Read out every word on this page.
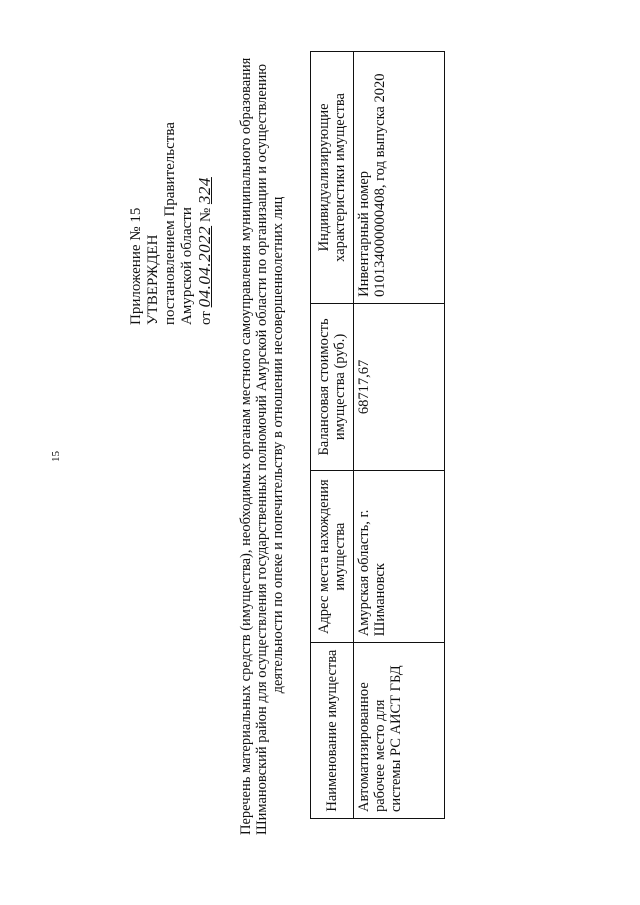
15
Приложение № 15 УТВЕРЖДЕН постановлением Правительства Амурской области от 04.04.2022 № 324 Перечень материальных средств (имущества), необходимых органам местного самоуправления муниципального образования Шимановский район для осуществления государственных полномочий Амурской области по организации и осуществлению деятельности по опеке и попечительству в отношении несовершеннолетних лиц
Наименование имущества	Адрес места нахождения имущества	Балансовая стоимость имущества (руб.)	Индивидуализирующие характеристики имущества
Автоматизированное рабочее место для системы РС АИСТ ГБД	Амурская область, г. Шимановск	68717,67	Инвентарный номер 010134000000408, год выпуска 2020
